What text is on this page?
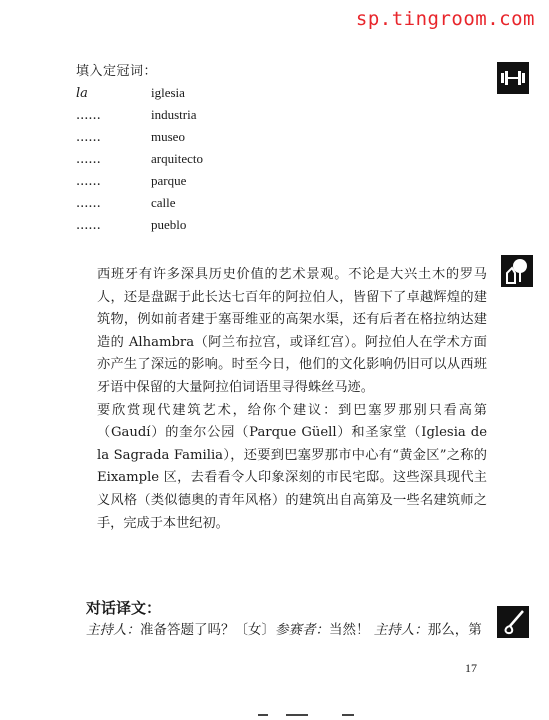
sp.tingroom.com
填入定冠词：
la	iglesia
......	industria
......	museo
......	arquitecto
......	parque
......	calle
......	pueblo

西班牙有许多深具历史价值的艺术景观。不论是大兴土木的罗马人，还是盘踞于此长达七百年的阿拉伯人，皆留下了卓越辉煌的建筑物，例如前者建于塞哥维亚的高架水渠，还有后者在格拉纳达建造的 Alhambra（阿兰布拉宫，或译红宫）。阿拉伯人在学术方面亦产生了深远的影响。时至今日，他们的文化影响仍旧可以从西班牙语中保留的大量阿拉伯词语里寻得蛛丝马迹。

要欣赏现代建筑艺术，给你个建议：到巴塞罗那别只看高第（Gaudí）的奎尔公园（Parque Güell）和圣家堂（Iglesia de la Sagrada Familia），还要到巴塞罗那市中心有“黄金区”之称的 Eixample 区，去看看令人印象深刻的市民宅邸。这些深具现代主义风格（类似德奥的青年风格）的建筑出自高第及一些名建筑师之手，完成于本世纪初。

对话译文：
主持人：准备答题了吗？〔女〕参赛者：当然！ 主持人：那么，第
17
